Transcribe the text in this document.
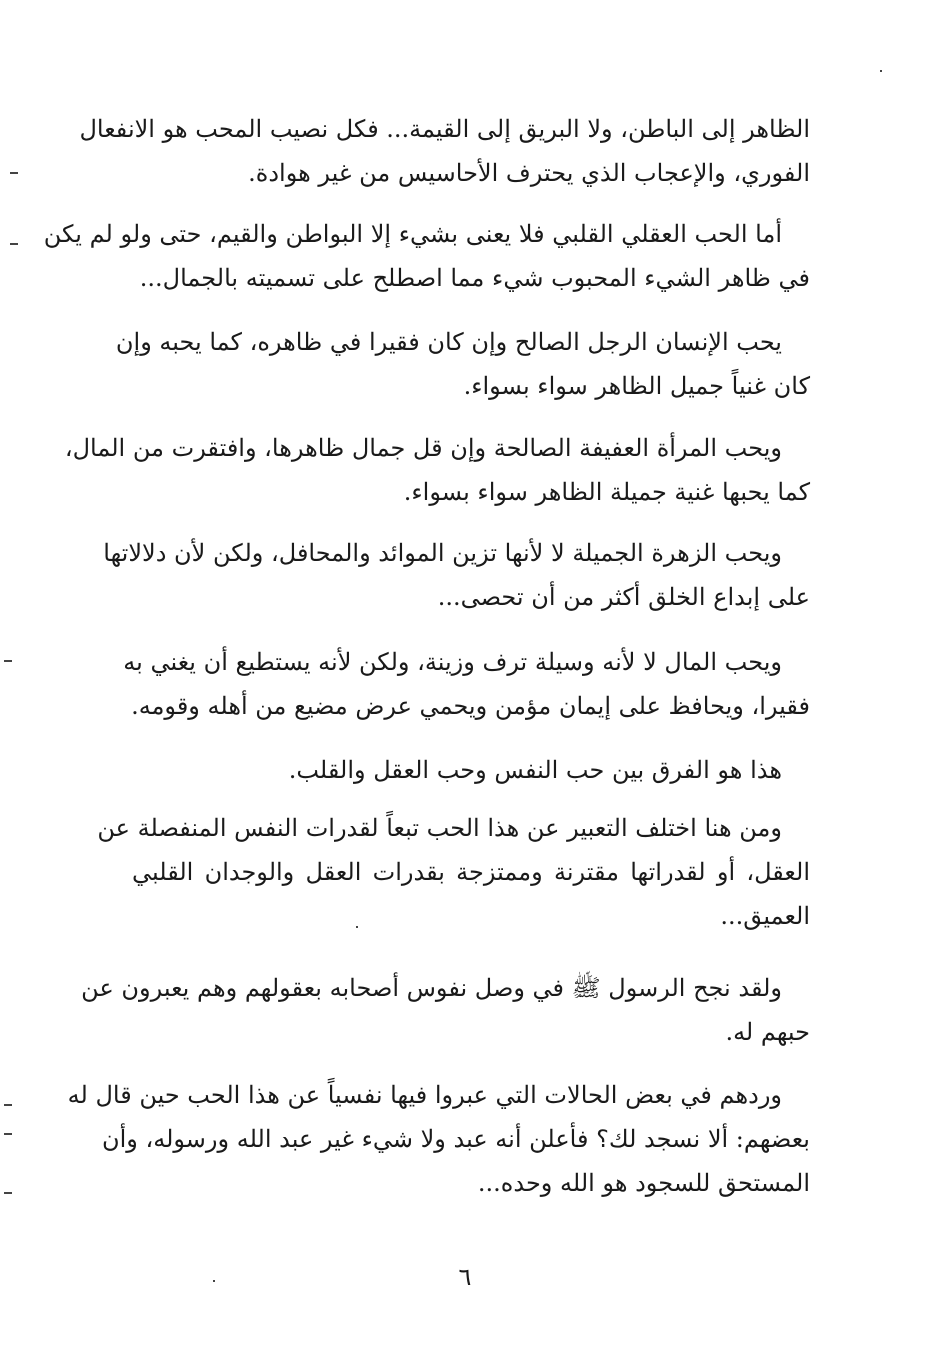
الظاهر إلى الباطن، ولا البريق إلى القيمة... فكل نصيب المحب هو الانفعال
الفوري، والإعجاب الذي يحترف الأحاسيس من غير هوادة.
أما الحب العقلي القلبي فلا يعنى بشيء إلا البواطن والقيم، حتى ولو لم يكن
في ظاهر الشيء المحبوب شيء مما اصطلح على تسميته بالجمال...
يحب الإنسان الرجل الصالح وإن كان فقيرا في ظاهره، كما يحبه وإن
كان غنياً جميل الظاهر سواء بسواء.
ويحب المرأة العفيفة الصالحة وإن قل جمال ظاهرها، وافتقرت من المال،
كما يحبها غنية جميلة الظاهر سواء بسواء.
ويحب الزهرة الجميلة لا لأنها تزين الموائد والمحافل، ولكن لأن دلالاتها
على إبداع الخلق أكثر من أن تحصى...
ويحب المال لا لأنه وسيلة ترف وزينة، ولكن لأنه يستطيع أن يغني به
فقيرا، ويحافظ على إيمان مؤمن ويحمي عرض مضيع من أهله وقومه.
هذا هو الفرق بين حب النفس وحب العقل والقلب.
ومن هنا اختلف التعبير عن هذا الحب تبعاً لقدرات النفس المنفصلة عن
العقل، أو لقدراتها مقترنة وممتزجة بقدرات العقل والوجدان القلبي
العميق...
ولقد نجح الرسول ﷺ في وصل نفوس أصحابه بعقولهم وهم يعبرون عن
حبهم له.
وردهم في بعض الحالات التي عبروا فيها نفسياً عن هذا الحب حين قال له
بعضهم: ألا نسجد لك؟ فأعلن أنه عبد ولا شيء غير عبد الله ورسوله، وأن
المستحق للسجود هو الله وحده...
٦
